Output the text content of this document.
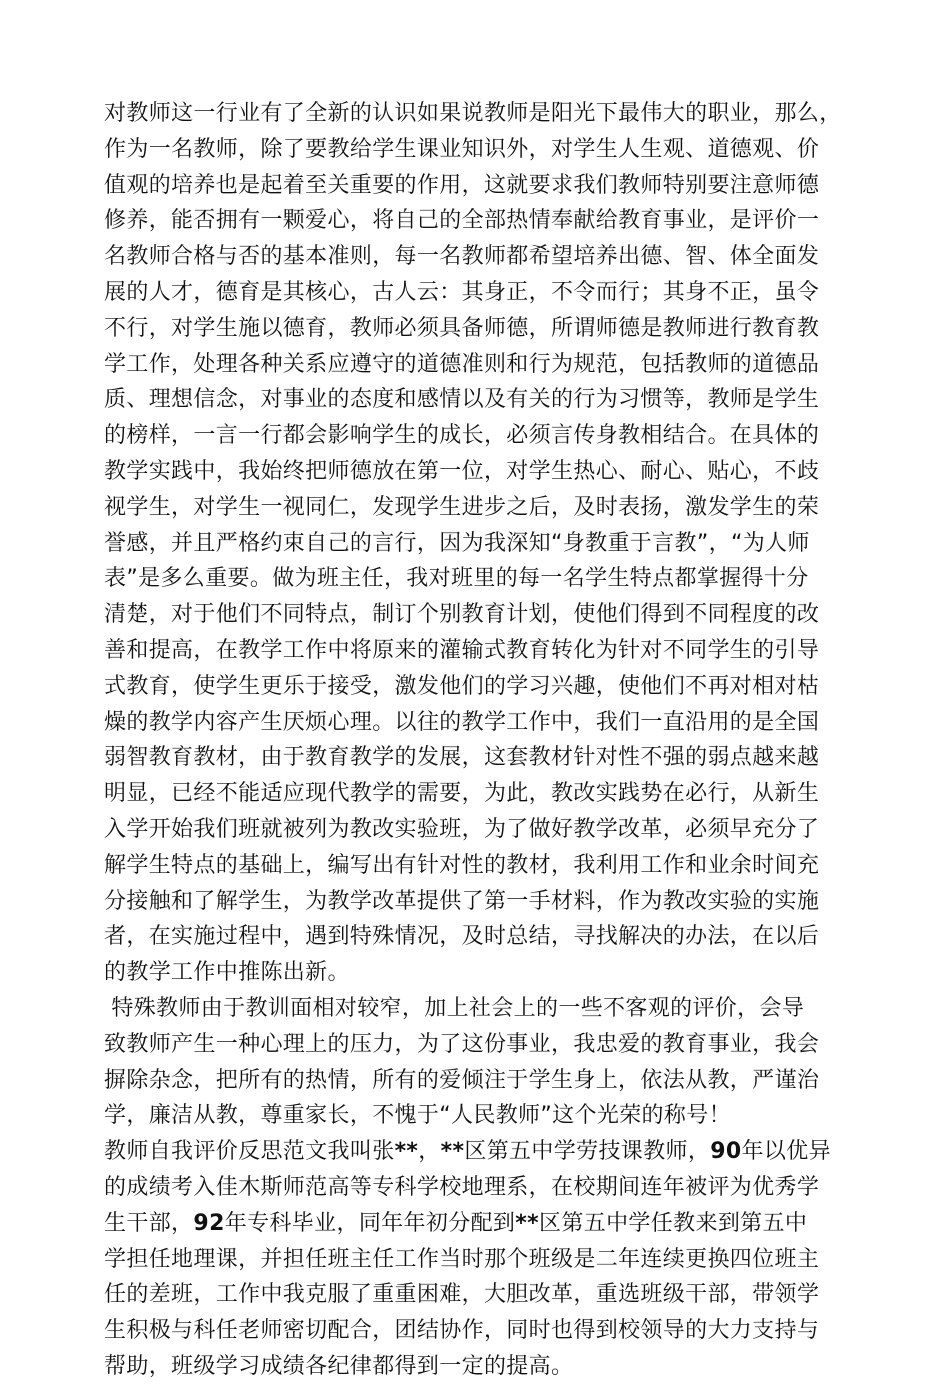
对教师这一行业有了全新的认识如果说教师是阳光下最伟大的职业，那么，
作为一名教师，除了要教给学生课业知识外，对学生人生观、道德观、价
值观的培养也是起着至关重要的作用，这就要求我们教师特别要注意师德
修养，能否拥有一颗爱心，将自己的全部热情奉献给教育事业，是评价一
名教师合格与否的基本准则，每一名教师都希望培养出德、智、体全面发
展的人才，德育是其核心，古人云：其身正，不令而行；其身不正，虽令
不行，对学生施以德育，教师必须具备师德，所谓师德是教师进行教育教
学工作，处理各种关系应遵守的道德准则和行为规范，包括教师的道德品
质、理想信念，对事业的态度和感情以及有关的行为习惯等，教师是学生
的榜样，一言一行都会影响学生的成长，必须言传身教相结合。在具体的
教学实践中，我始终把师德放在第一位，对学生热心、耐心、贴心，不歧
视学生，对学生一视同仁，发现学生进步之后，及时表扬，激发学生的荣
誉感，并且严格约束自己的言行，因为我深知“身教重于言教”，“为人师
表”是多么重要。做为班主任，我对班里的每一名学生特点都掌握得十分
清楚，对于他们不同特点，制订个别教育计划，使他们得到不同程度的改
善和提高，在教学工作中将原来的灌输式教育转化为针对不同学生的引导
式教育，使学生更乐于接受，激发他们的学习兴趣，使他们不再对相对枯
燥的教学内容产生厌烦心理。以往的教学工作中，我们一直沿用的是全国
弱智教育教材，由于教育教学的发展，这套教材针对性不强的弱点越来越
明显，已经不能适应现代教学的需要，为此，教改实践势在必行，从新生
入学开始我们班就被列为教改实验班，为了做好教学改革，必须早充分了
解学生特点的基础上，编写出有针对性的教材，我利用工作和业余时间充
分接触和了解学生，为教学改革提供了第一手材料，作为教改实验的实施
者，在实施过程中，遇到特殊情况，及时总结，寻找解决的办法，在以后
的教学工作中推陈出新。
特殊教师由于教训面相对较窄，加上社会上的一些不客观的评价，会导
致教师产生一种心理上的压力，为了这份事业，我忠爱的教育事业，我会
摒除杂念，把所有的热情，所有的爱倾注于学生身上，依法从教，严谨治
学，廉洁从教，尊重家长，不愧于“人民教师”这个光荣的称号！
教师自我评价反思范文我叫张**，**区第五中学劳技课教师，90年以优异
的成绩考入佳木斯师范高等专科学校地理系，在校期间连年被评为优秀学
生干部，92年专科毕业，同年年初分配到**区第五中学任教来到第五中
学担任地理课，并担任班主任工作当时那个班级是二年连续更换四位班主
任的差班，工作中我克服了重重困难，大胆改革，重选班级干部，带领学
生积极与科任老师密切配合，团结协作，同时也得到校领导的大力支持与
帮助，班级学习成绩各纪律都得到一定的提高。
